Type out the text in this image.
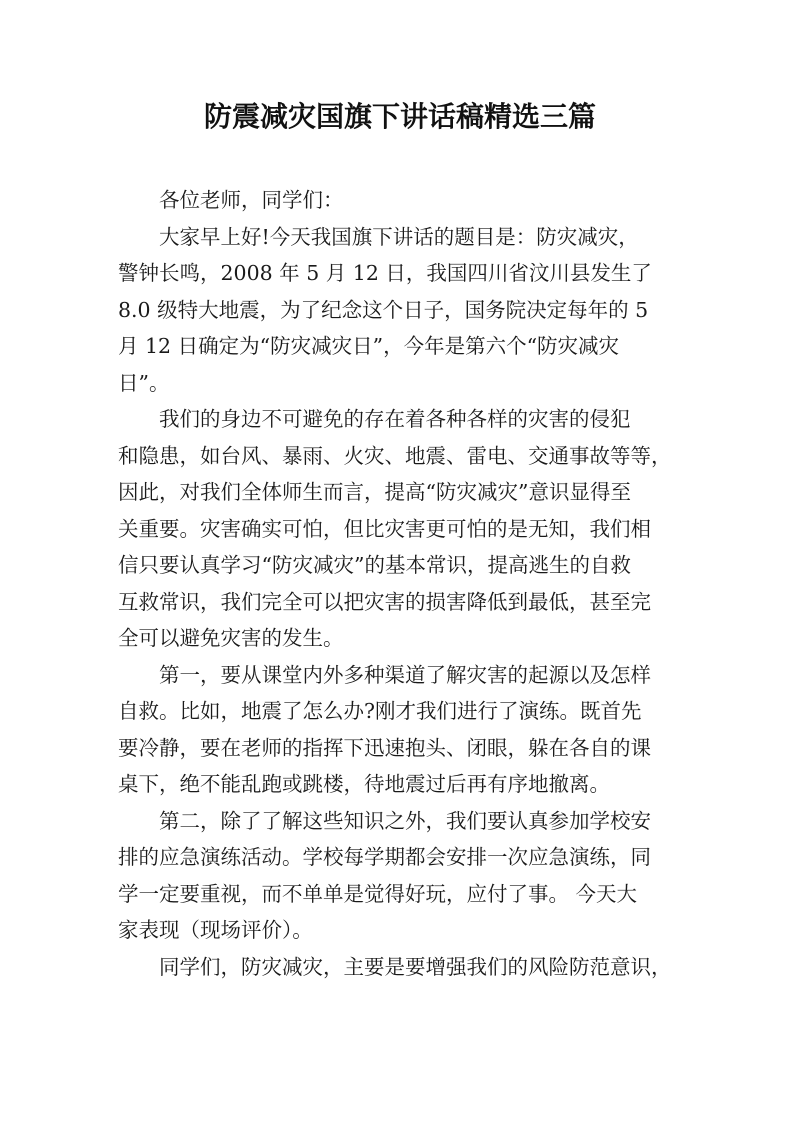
防震减灾国旗下讲话稿精选三篇

各位老师，同学们：

大家早上好!今天我国旗下讲话的题目是：防灾减灾，
警钟长鸣，2008 年 5 月 12 日，我国四川省汶川县发生了
8.0 级特大地震，为了纪念这个日子，国务院决定每年的 5
月 12 日确定为“防灾减灾日”，今年是第六个“防灾减灾
日”。

我们的身边不可避免的存在着各种各样的灾害的侵犯
和隐患，如台风、暴雨、火灾、地震、雷电、交通事故等等，
因此，对我们全体师生而言，提高“防灾减灾”意识显得至
关重要。灾害确实可怕，但比灾害更可怕的是无知，我们相
信只要认真学习“防灾减灾”的基本常识，提高逃生的自救
互救常识，我们完全可以把灾害的损害降低到最低，甚至完
全可以避免灾害的发生。

第一，要从课堂内外多种渠道了解灾害的起源以及怎样
自救。比如，地震了怎么办?刚才我们进行了演练。既首先
要冷静，要在老师的指挥下迅速抱头、闭眼，躲在各自的课
桌下，绝不能乱跑或跳楼，待地震过后再有序地撤离。

第二，除了了解这些知识之外，我们要认真参加学校安
排的应急演练活动。学校每学期都会安排一次应急演练，同
学一定要重视，而不单单是觉得好玩，应付了事。 今天大
家表现（现场评价）。

同学们，防灾减灾，主要是要增强我们的风险防范意识，
